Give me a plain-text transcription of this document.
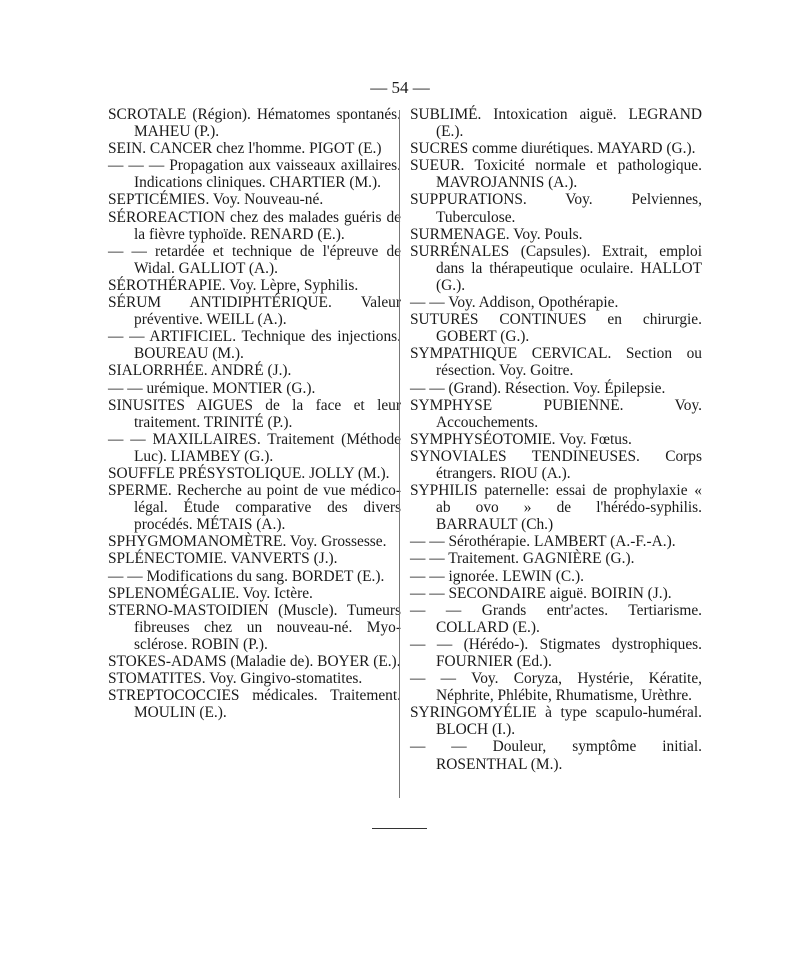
— 54 —
SCROTALE (Région). Hématomes spontanés. MAHEU (P.).
SEIN. CANCER chez l'homme. PIGOT (E.)
— — — Propagation aux vaisseaux axillaires. Indications cliniques. CHARTIER (M.).
SEPTICÉMIES. Voy. Nouveau-né.
SÉROREACTION chez des malades guéris de la fièvre typhoïde. RENARD (E.).
— — retardée et technique de l'épreuve de Widal. GALLIOT (A.).
SÉROTHÉRAPIE. Voy. Lèpre, Syphilis.
SÉRUM ANTIDIPHTÉRIQUE. Valeur préventive. WEILL (A.).
— — ARTIFICIEL. Technique des injections. BOUREAU (M.).
SIALORRHÉE. ANDRÉ (J.).
— — urémique. MONTIER (G.).
SINUSITES AIGUES de la face et leur traitement. TRINITÉ (P.).
— — MAXILLAIRES. Traitement (Méthode Luc). LIAMBEY (G.).
SOUFFLE PRÉSYSTOLIQUE. JOLLY (M.).
SPERME. Recherche au point de vue médico-légal. Étude comparative des divers procédés. MÉTAIS (A.).
SPHYGMOMANOMÈTRE. Voy. Grossesse.
SPLÉNECTOMIE. VANVERTS (J.).
— — Modifications du sang. BORDET (E.).
SPLENOMÉGALIE. Voy. Ictère.
STERNO-MASTOIDIEN (Muscle). Tumeurs fibreuses chez un nouveau-né. Myo-sclérose. ROBIN (P.).
STOKES-ADAMS (Maladie de). BOYER (E.).
STOMATITES. Voy. Gingivo-stomatites.
STREPTOCOCCIES médicales. Traitement. MOULIN (E.).
SUBLIMÉ. Intoxication aiguë. LEGRAND (E.).
SUCRES comme diurétiques. MAYARD (G.).
SUEUR. Toxicité normale et pathologique. MAVROJANNIS (A.).
SUPPURATIONS. Voy. Pelviennes, Tuberculose.
SURMENAGE. Voy. Pouls.
SURRÉNALES (Capsules). Extrait, emploi dans la thérapeutique oculaire. HALLOT (G.).
— — Voy. Addison, Opothérapie.
SUTURES CONTINUES en chirurgie. GOBERT (G.).
SYMPATHIQUE CERVICAL. Section ou résection. Voy. Goitre.
— — (Grand). Résection. Voy. Épilepsie.
SYMPHYSE PUBIENNE. Voy. Accouchements.
SYMPHYSÉOTOMIE. Voy. Fœtus.
SYNOVIALES TENDINEUSES. Corps étrangers. RIOU (A.).
SYPHILIS paternelle: essai de prophylaxie « ab ovo » de l'hérédo-syphilis. BARRAULT (Ch.)
— — Sérothérapie. LAMBERT (A.-F.-A.).
— — Traitement. GAGNIÈRE (G.).
— — ignorée. LEWIN (C.).
— — SECONDAIRE aiguë. BOIRIN (J.).
— — Grands entr'actes. Tertiarisme. COLLARD (E.).
— — (Hérédo-). Stigmates dystrophiques. FOURNIER (Ed.).
— — Voy. Coryza, Hystérie, Kératite, Néphrite, Phlébite, Rhumatisme, Urèthre.
SYRINGOMYÉLIE à type scapulo-huméral. BLOCH (I.).
— — Douleur, symptôme initial. ROSENTHAL (M.).
